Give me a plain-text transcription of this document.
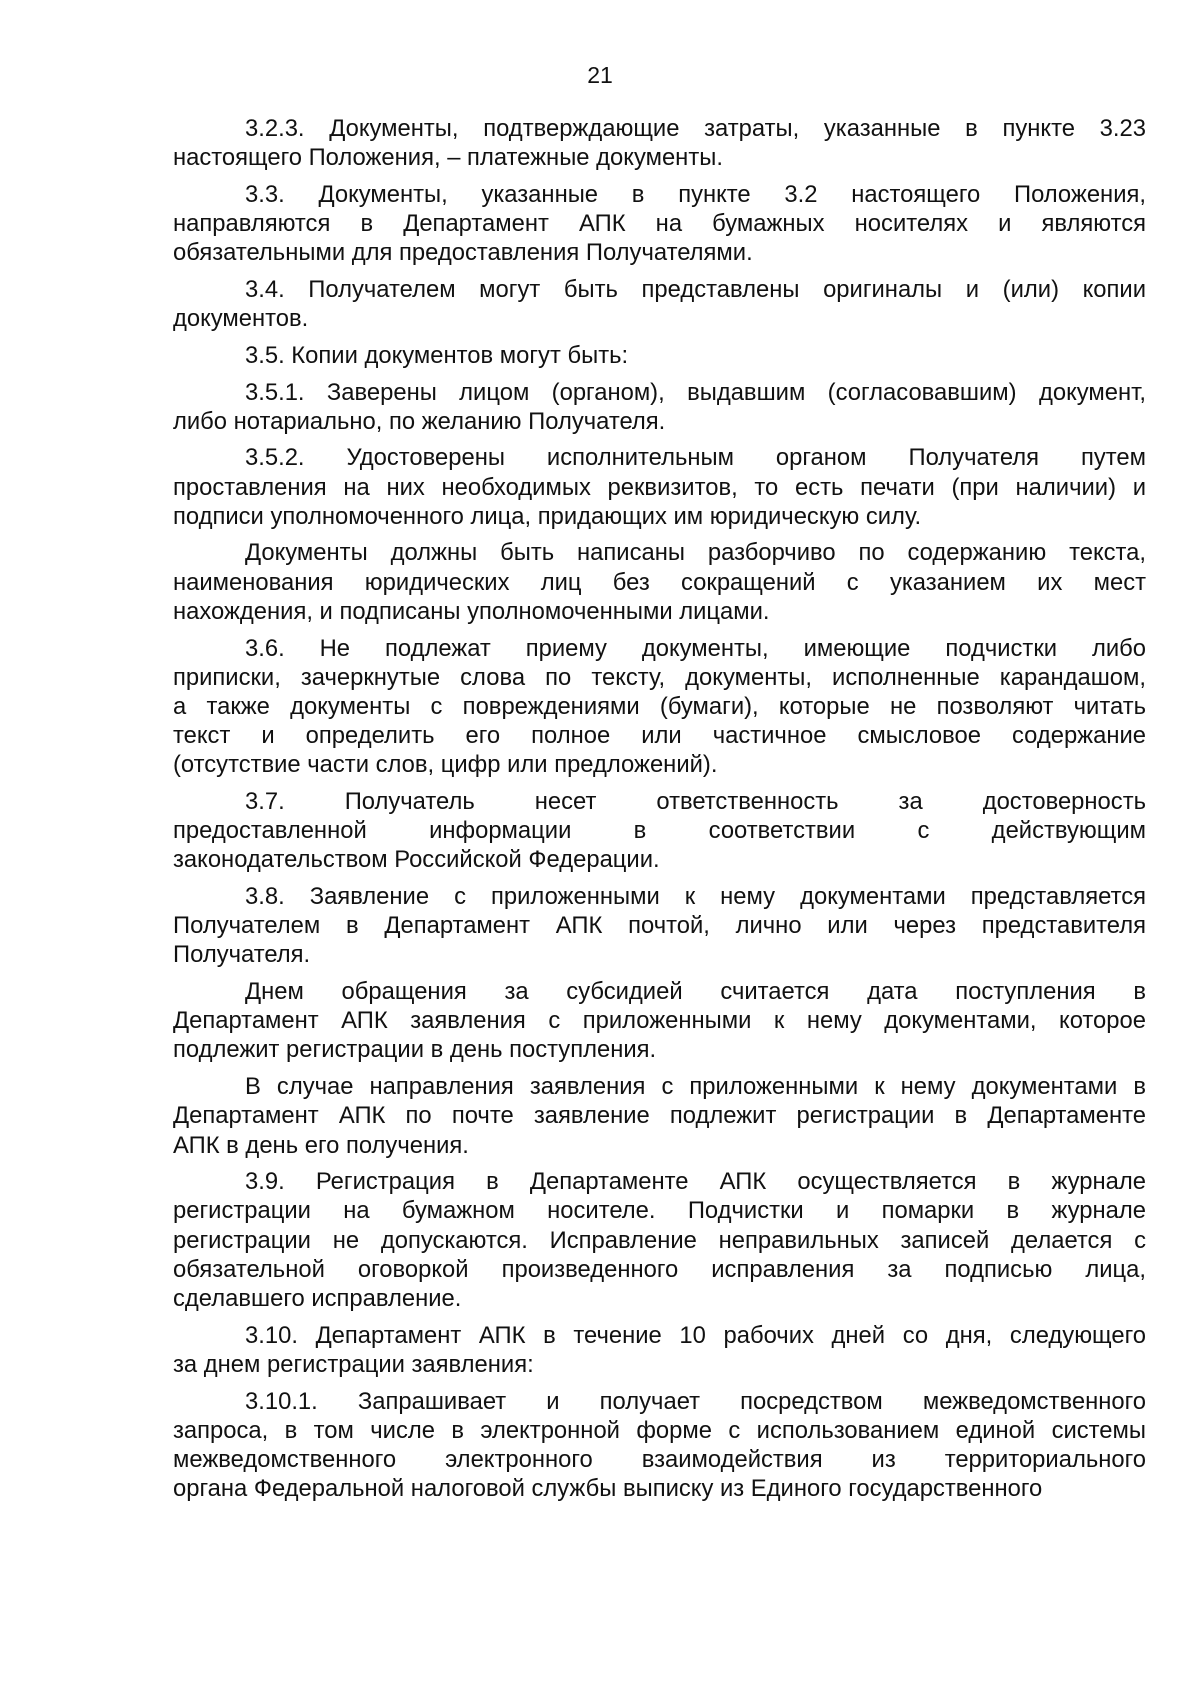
21
3.2.3. Документы, подтверждающие затраты, указанные в пункте 3.23
настоящего Положения, – платежные документы.
3.3. Документы, указанные в пункте 3.2 настоящего Положения,
направляются в Департамент АПК на бумажных носителях и являются
обязательными для предоставления Получателями.
3.4. Получателем могут быть представлены оригиналы и (или) копии
документов.
3.5. Копии документов могут быть:
3.5.1. Заверены лицом (органом), выдавшим (согласовавшим) документ,
либо нотариально, по желанию Получателя.
3.5.2. Удостоверены исполнительным органом Получателя путем
проставления на них необходимых реквизитов, то есть печати (при наличии) и
подписи уполномоченного лица, придающих им юридическую силу.
Документы должны быть написаны разборчиво по содержанию текста,
наименования юридических лиц без сокращений с указанием их мест
нахождения, и подписаны уполномоченными лицами.
3.6. Не подлежат приему документы, имеющие подчистки либо
приписки, зачеркнутые слова по тексту, документы, исполненные карандашом,
а также документы с повреждениями (бумаги), которые не позволяют читать
текст и определить его полное или частичное смысловое содержание
(отсутствие части слов, цифр или предложений).
3.7. Получатель несет ответственность за достоверность
предоставленной информации в соответствии с действующим
законодательством Российской Федерации.
3.8. Заявление с приложенными к нему документами представляется
Получателем в Департамент АПК почтой, лично или через представителя
Получателя.
Днем обращения за субсидией считается дата поступления в
Департамент АПК заявления с приложенными к нему документами, которое
подлежит регистрации в день поступления.
В случае направления заявления с приложенными к нему документами в
Департамент АПК по почте заявление подлежит регистрации в Департаменте
АПК в день его получения.
3.9. Регистрация в Департаменте АПК осуществляется в журнале
регистрации на бумажном носителе. Подчистки и помарки в журнале
регистрации не допускаются. Исправление неправильных записей делается с
обязательной оговоркой произведенного исправления за подписью лица,
сделавшего исправление.
3.10. Департамент АПК в течение 10 рабочих дней со дня, следующего
за днем регистрации заявления:
3.10.1. Запрашивает и получает посредством межведомственного
запроса, в том числе в электронной форме с использованием единой системы
межведомственного электронного взаимодействия из территориального
органа Федеральной налоговой службы выписку из Единого государственного
